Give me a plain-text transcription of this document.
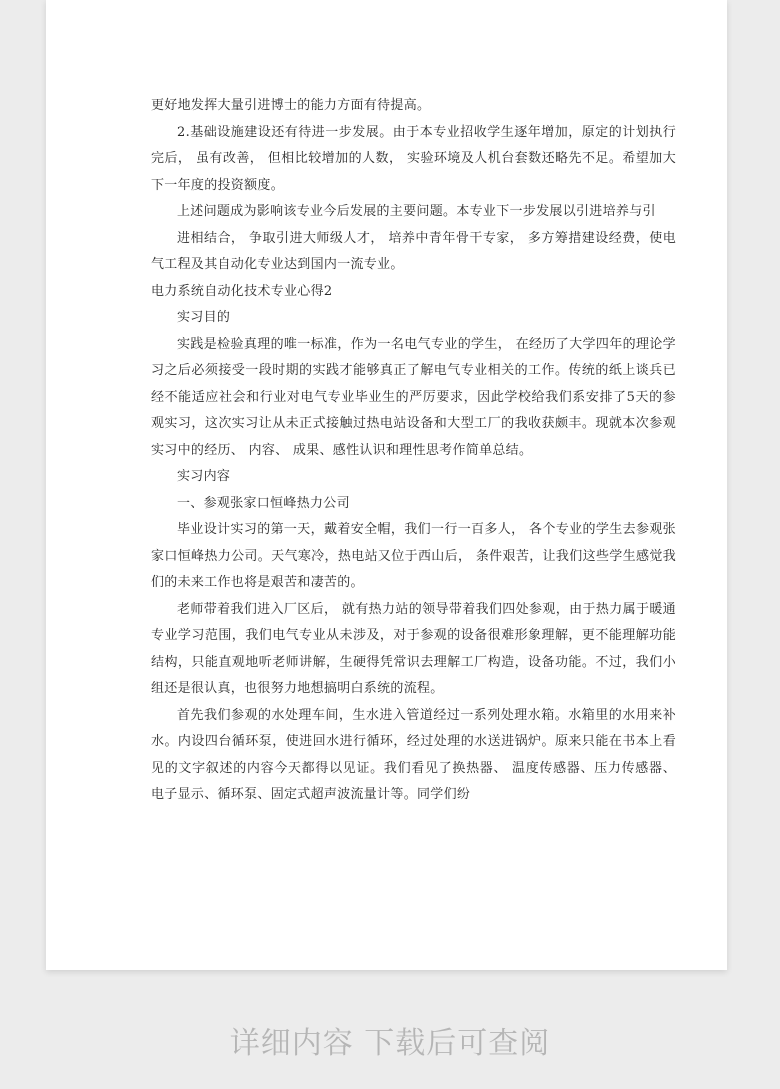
更好地发挥大量引进博士的能力方面有待提高。

2.基础设施建设还有待进一步发展。由于本专业招收学生逐年增加，原定的计划执行完后， 虽有改善， 但相比较增加的人数， 实验环境及人机台套数还略先不足。希望加大下一年度的投资额度。

上述问题成为影响该专业今后发展的主要问题。本专业下一步发展以引进培养与引

进相结合， 争取引进大师级人才， 培养中青年骨干专家， 多方筹措建设经费，使电气工程及其自动化专业达到国内一流专业。

电力系统自动化技术专业心得2

实习目的

实践是检验真理的唯一标准，作为一名电气专业的学生， 在经历了大学四年的理论学习之后必须接受一段时期的实践才能够真正了解电气专业相关的工作。传统的纸上谈兵已经不能适应社会和行业对电气专业毕业生的严厉要求，因此学校给我们系安排了5天的参观实习，这次实习让从未正式接触过热电站设备和大型工厂的我收获颇丰。现就本次参观实习中的经历、 内容、 成果、感性认识和理性思考作简单总结。

实习内容

一、参观张家口恒峰热力公司

毕业设计实习的第一天，戴着安全帽，我们一行一百多人， 各个专业的学生去参观张家口恒峰热力公司。天气寒冷，热电站又位于西山后， 条件艰苦，让我们这些学生感觉我们的未来工作也将是艰苦和凄苦的。

老师带着我们进入厂区后， 就有热力站的领导带着我们四处参观，由于热力属于暖通专业学习范围，我们电气专业从未涉及，对于参观的设备很难形象理解，更不能理解功能结构，只能直观地听老师讲解，生硬得凭常识去理解工厂构造，设备功能。不过，我们小组还是很认真，也很努力地想搞明白系统的流程。

首先我们参观的水处理车间，生水进入管道经过一系列处理水箱。水箱里的水用来补水。内设四台循环泵，使进回水进行循环，经过处理的水送进锅炉。原来只能在书本上看见的文字叙述的内容今天都得以见证。我们看见了换热器、 温度传感器、压力传感器、 电子显示、循环泵、固定式超声波流量计等。同学们纷

详细内容 下载后可查阅
